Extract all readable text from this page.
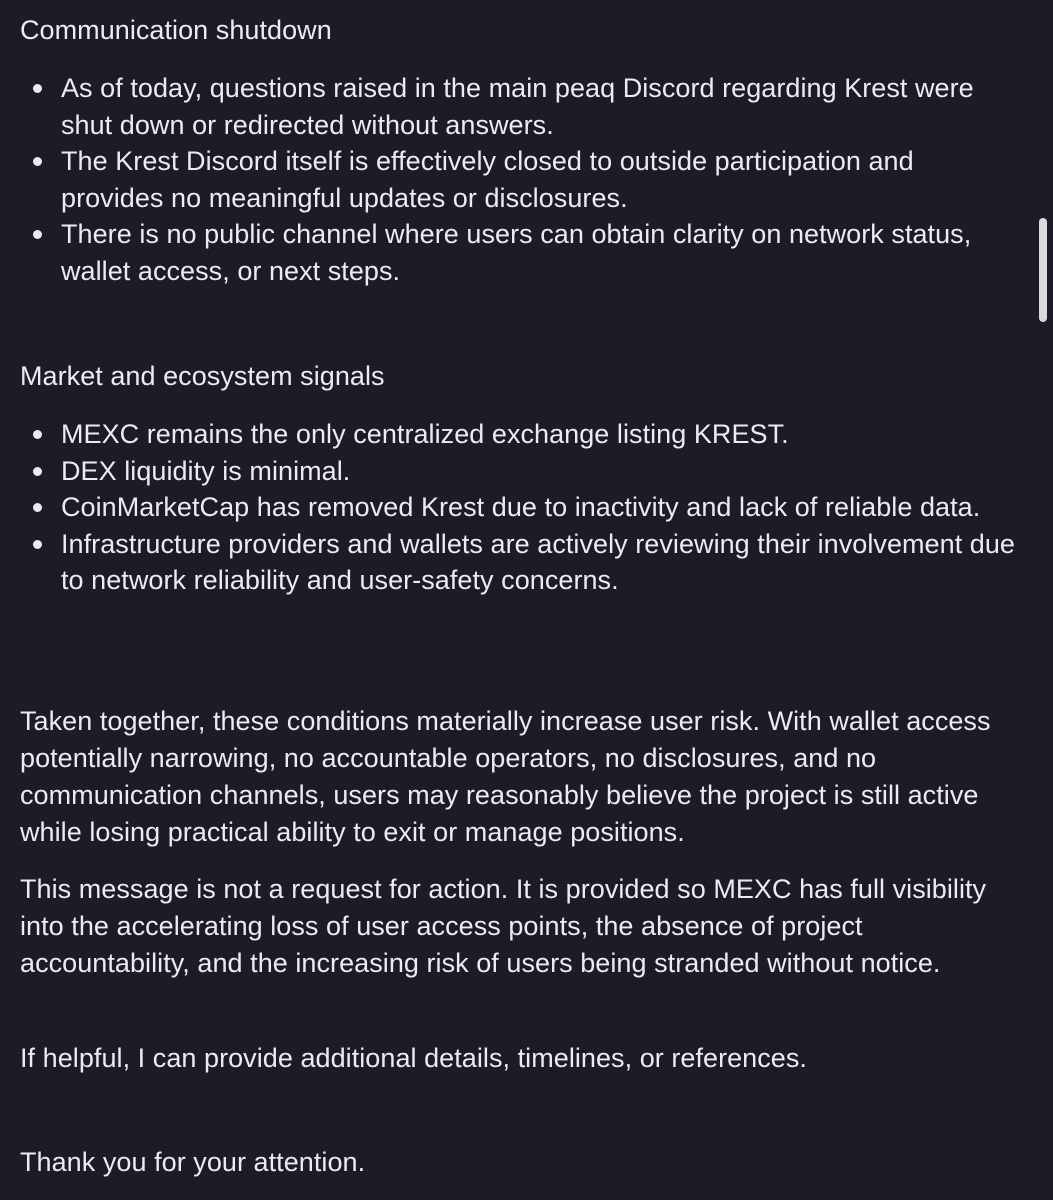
Communication shutdown
As of today, questions raised in the main peaq Discord regarding Krest were shut down or redirected without answers.
The Krest Discord itself is effectively closed to outside participation and provides no meaningful updates or disclosures.
There is no public channel where users can obtain clarity on network status, wallet access, or next steps.
Market and ecosystem signals
MEXC remains the only centralized exchange listing KREST.
DEX liquidity is minimal.
CoinMarketCap has removed Krest due to inactivity and lack of reliable data.
Infrastructure providers and wallets are actively reviewing their involvement due to network reliability and user-safety concerns.

Taken together, these conditions materially increase user risk. With wallet access potentially narrowing, no accountable operators, no disclosures, and no communication channels, users may reasonably believe the project is still active while losing practical ability to exit or manage positions.

This message is not a request for action. It is provided so MEXC has full visibility into the accelerating loss of user access points, the absence of project accountability, and the increasing risk of users being stranded without notice.

If helpful, I can provide additional details, timelines, or references.

Thank you for your attention.
